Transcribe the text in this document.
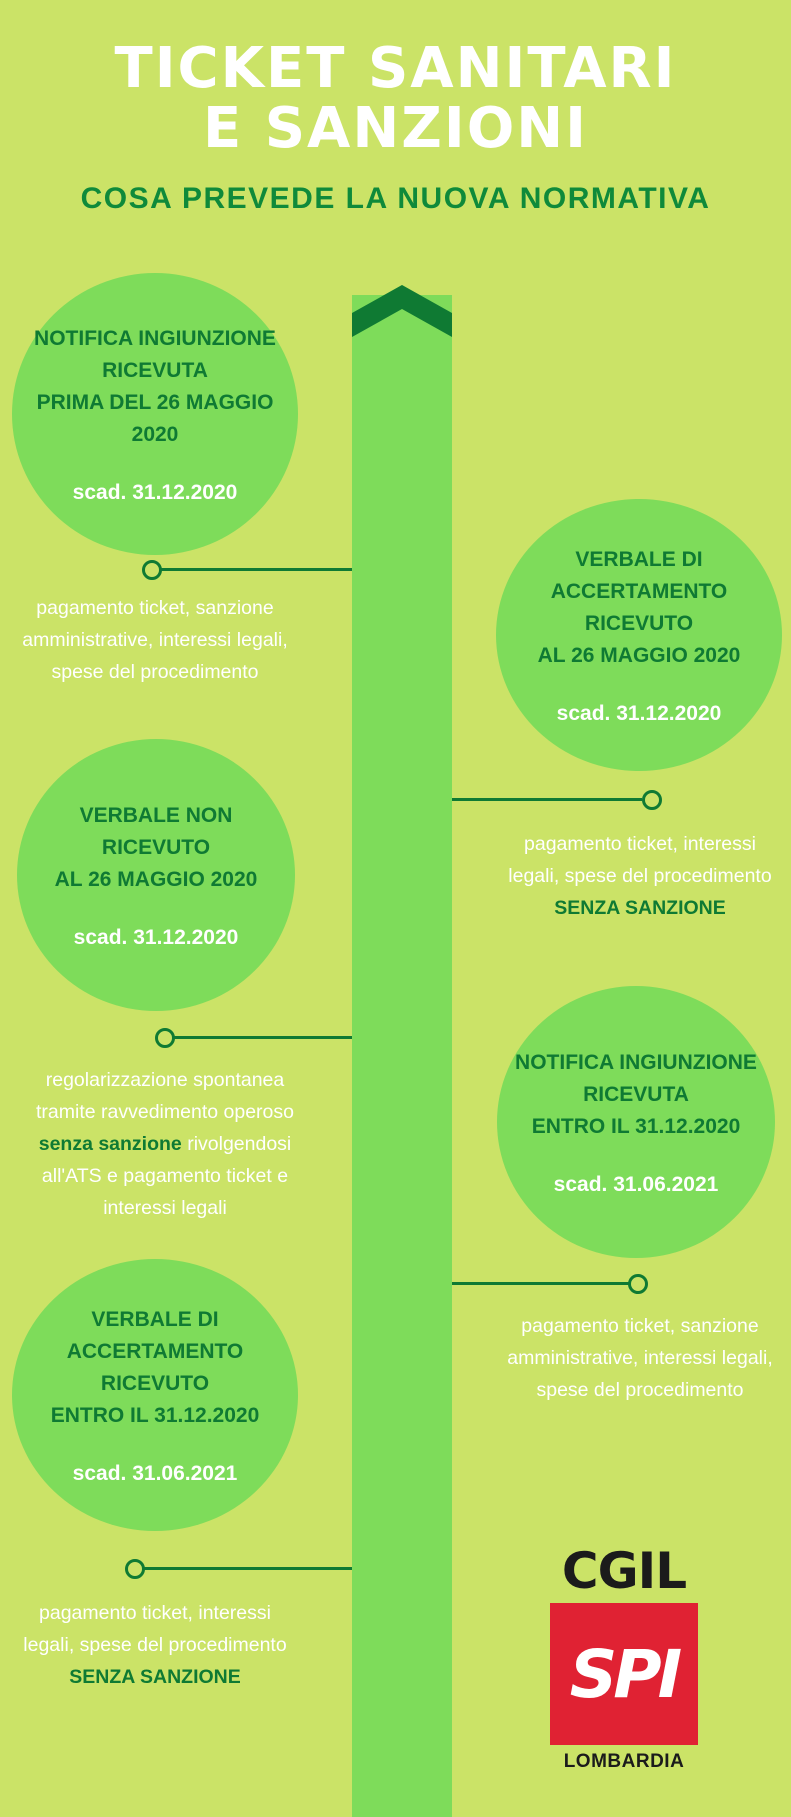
TICKET SANITARI
E SANZIONI
COSA PREVEDE LA NUOVA NORMATIVA
NOTIFICA INGIUNZIONE
RICEVUTA
PRIMA DEL 26 MAGGIO 2020
scad. 31.12.2020
pagamento ticket, sanzione
amministrative, interessi legali,
spese del procedimento
VERBALE DI
ACCERTAMENTO RICEVUTO
AL 26 MAGGIO 2020
scad. 31.12.2020
pagamento ticket, interessi
legali, spese del procedimento
SENZA SANZIONE
VERBALE NON RICEVUTO
AL 26 MAGGIO 2020
scad. 31.12.2020
regolarizzazione spontanea
tramite ravvedimento operoso
senza sanzione rivolgendosi
all'ATS e pagamento ticket e
interessi legali
NOTIFICA INGIUNZIONE
RICEVUTA
ENTRO IL 31.12.2020
scad. 31.06.2021
pagamento ticket, sanzione
amministrative, interessi legali,
spese del procedimento
VERBALE DI
ACCERTAMENTO RICEVUTO
ENTRO IL 31.12.2020
scad. 31.06.2021
pagamento ticket, interessi
legali, spese del procedimento
SENZA SANZIONE
CGIL
SPI
LOMBARDIA
